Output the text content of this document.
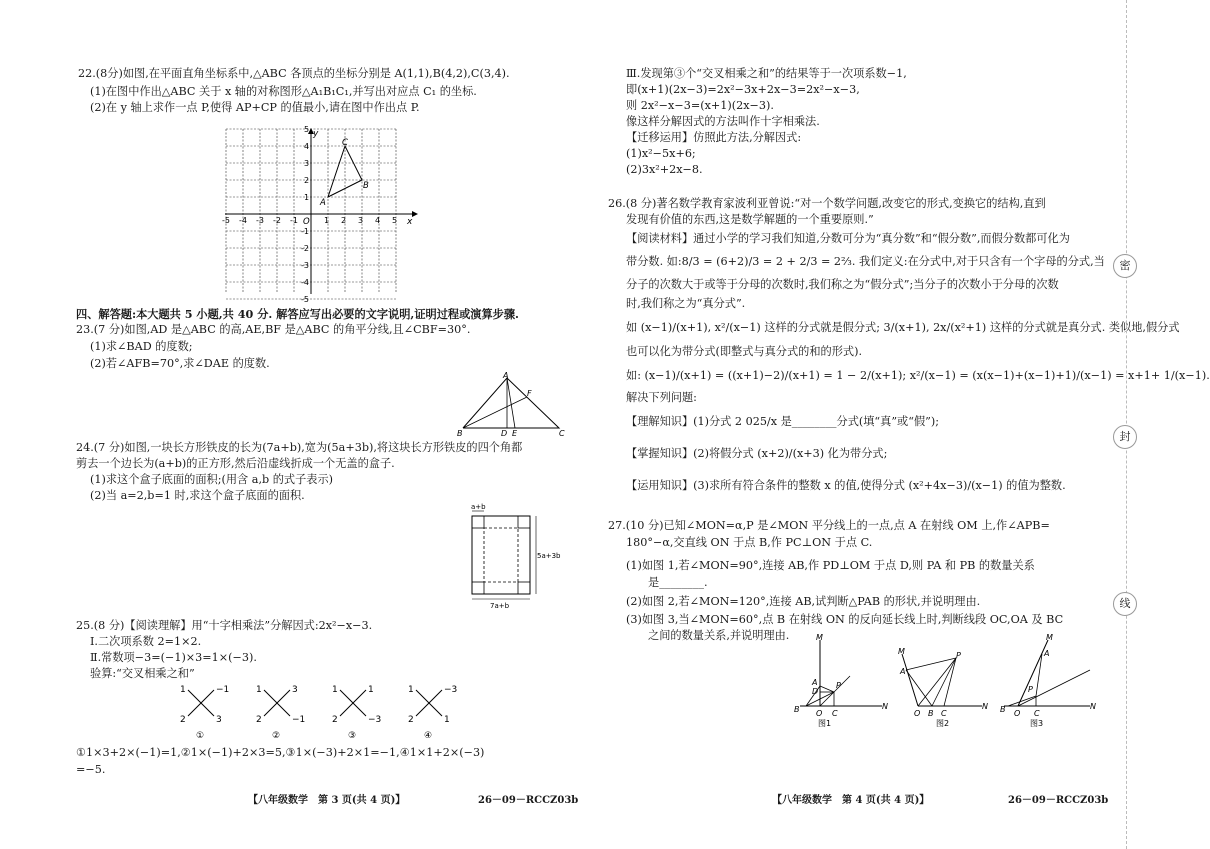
22.(8分)如图,在平面直角坐标系中,△ABC 各顶点的坐标分别是 A(1,1),B(4,2),C(3,4).
(1)在图中作出△ABC 关于 x 轴的对称图形△A₁B₁C₁,并写出对应点 C₁ 的坐标.
(2)在 y 轴上求作一点 P,使得 AP+CP 的值最小,请在图中作出点 P.
x
y
O
-5 -4 -3 -2 -1	1 2 3 4 5
5
4
3
2
1
-1
-2
-3
-4
-5
A
B
C
四、解答题:本大题共 5 小题,共 40 分. 解答应写出必要的文字说明,证明过程或演算步骤.
23.(7 分)如图,AD 是△ABC 的高,AE,BF 是△ABC 的角平分线,且∠CBF=30°.
(1)求∠BAD 的度数;
(2)若∠AFB=70°,求∠DAE 的度数.
A
B	C
D E
F
24.(7 分)如图,一块长方形铁皮的长为(7a+b),宽为(5a+3b),将这块长方形铁皮的四个角都
剪去一个边长为(a+b)的正方形,然后沿虚线折成一个无盖的盒子.
(1)求这个盒子底面的面积;(用含 a,b 的式子表示)
(2)当 a=2,b=1 时,求这个盒子底面的面积.
a+b
5a+3b
7a+b
25.(8 分)【阅读理解】用“十字相乘法”分解因式:2x²−x−3.
Ⅰ.二次项系数 2=1×2.
Ⅱ.常数项−3=(−1)×3=1×(−3).
验算:“交叉相乘之和”
1	−1
2	3
①
1	3
2	−1
②
1	1
2	−3
③
1	−3
2	1
④
①1×3+2×(−1)=1,②1×(−1)+2×3=5,③1×(−3)+2×1=−1,④1×1+2×(−3)
=−5.
【八年级数学　第 3 页(共 4 页)】	26－09－RCCZ03b
Ⅲ.发现第③个“交叉相乘之和”的结果等于一次项系数−1,
即(x+1)(2x−3)=2x²−3x+2x−3=2x²−x−3,
则 2x²−x−3=(x+1)(2x−3).
像这样分解因式的方法叫作十字相乘法.
【迁移运用】仿照此方法,分解因式:
(1)x²−5x+6;
(2)3x²+2x−8.
26.(8 分)著名数学教育家波利亚曾说:“对一个数学问题,改变它的形式,变换它的结构,直到
发现有价值的东西,这是数学解题的一个重要原则.”
【阅读材料】通过小学的学习我们知道,分数可分为“真分数”和“假分数”,而假分数都可化为
带分数. 如:8/3 = (6+2)/3 = 2 + 2/3 = 2⅔. 我们定义:在分式中,对于只含有一个字母的分式,当
分子的次数大于或等于分母的次数时,我们称之为“假分式”;当分子的次数小于分母的次数
时,我们称之为“真分式”.
如 (x−1)/(x+1), x²/(x−1) 这样的分式就是假分式; 3/(x+1), 2x/(x²+1) 这样的分式就是真分式. 类似地,假分式
也可以化为带分式(即整式与真分式的和的形式).
如: (x−1)/(x+1) = ((x+1)−2)/(x+1) = 1 − 2/(x+1); x²/(x−1) = (x(x−1)+(x−1)+1)/(x−1) = x+1+ 1/(x−1).
解决下列问题:
【理解知识】(1)分式 2 025/x 是________分式(填“真”或“假”);
【掌握知识】(2)将假分式 (x+2)/(x+3) 化为带分式;
【运用知识】(3)求所有符合条件的整数 x 的值,使得分式 (x²+4x−3)/(x−1) 的值为整数.
27.(10 分)已知∠MON=α,P 是∠MON 平分线上的一点,点 A 在射线 OM 上,作∠APB=
180°−α,交直线 ON 于点 B,作 PC⊥ON 于点 C.
(1)如图 1,若∠MON=90°,连接 AB,作 PD⊥OM 于点 D,则 PA 和 PB 的数量关系
是________.
(2)如图 2,若∠MON=120°,连接 AB,试判断△PAB 的形状,并说明理由.
(3)如图 3,当∠MON=60°,点 B 在射线 ON 的反向延长线上时,判断线段 OC,OA 及 BC
之间的数量关系,并说明理由.	M
N
B O C
D
P
A
图1
M
N
A
P
O B C
图2
M
N
A
P
B O C
图3
【八年级数学　第 4 页(共 4 页)】	26－09－RCCZ03b
密
封
线
